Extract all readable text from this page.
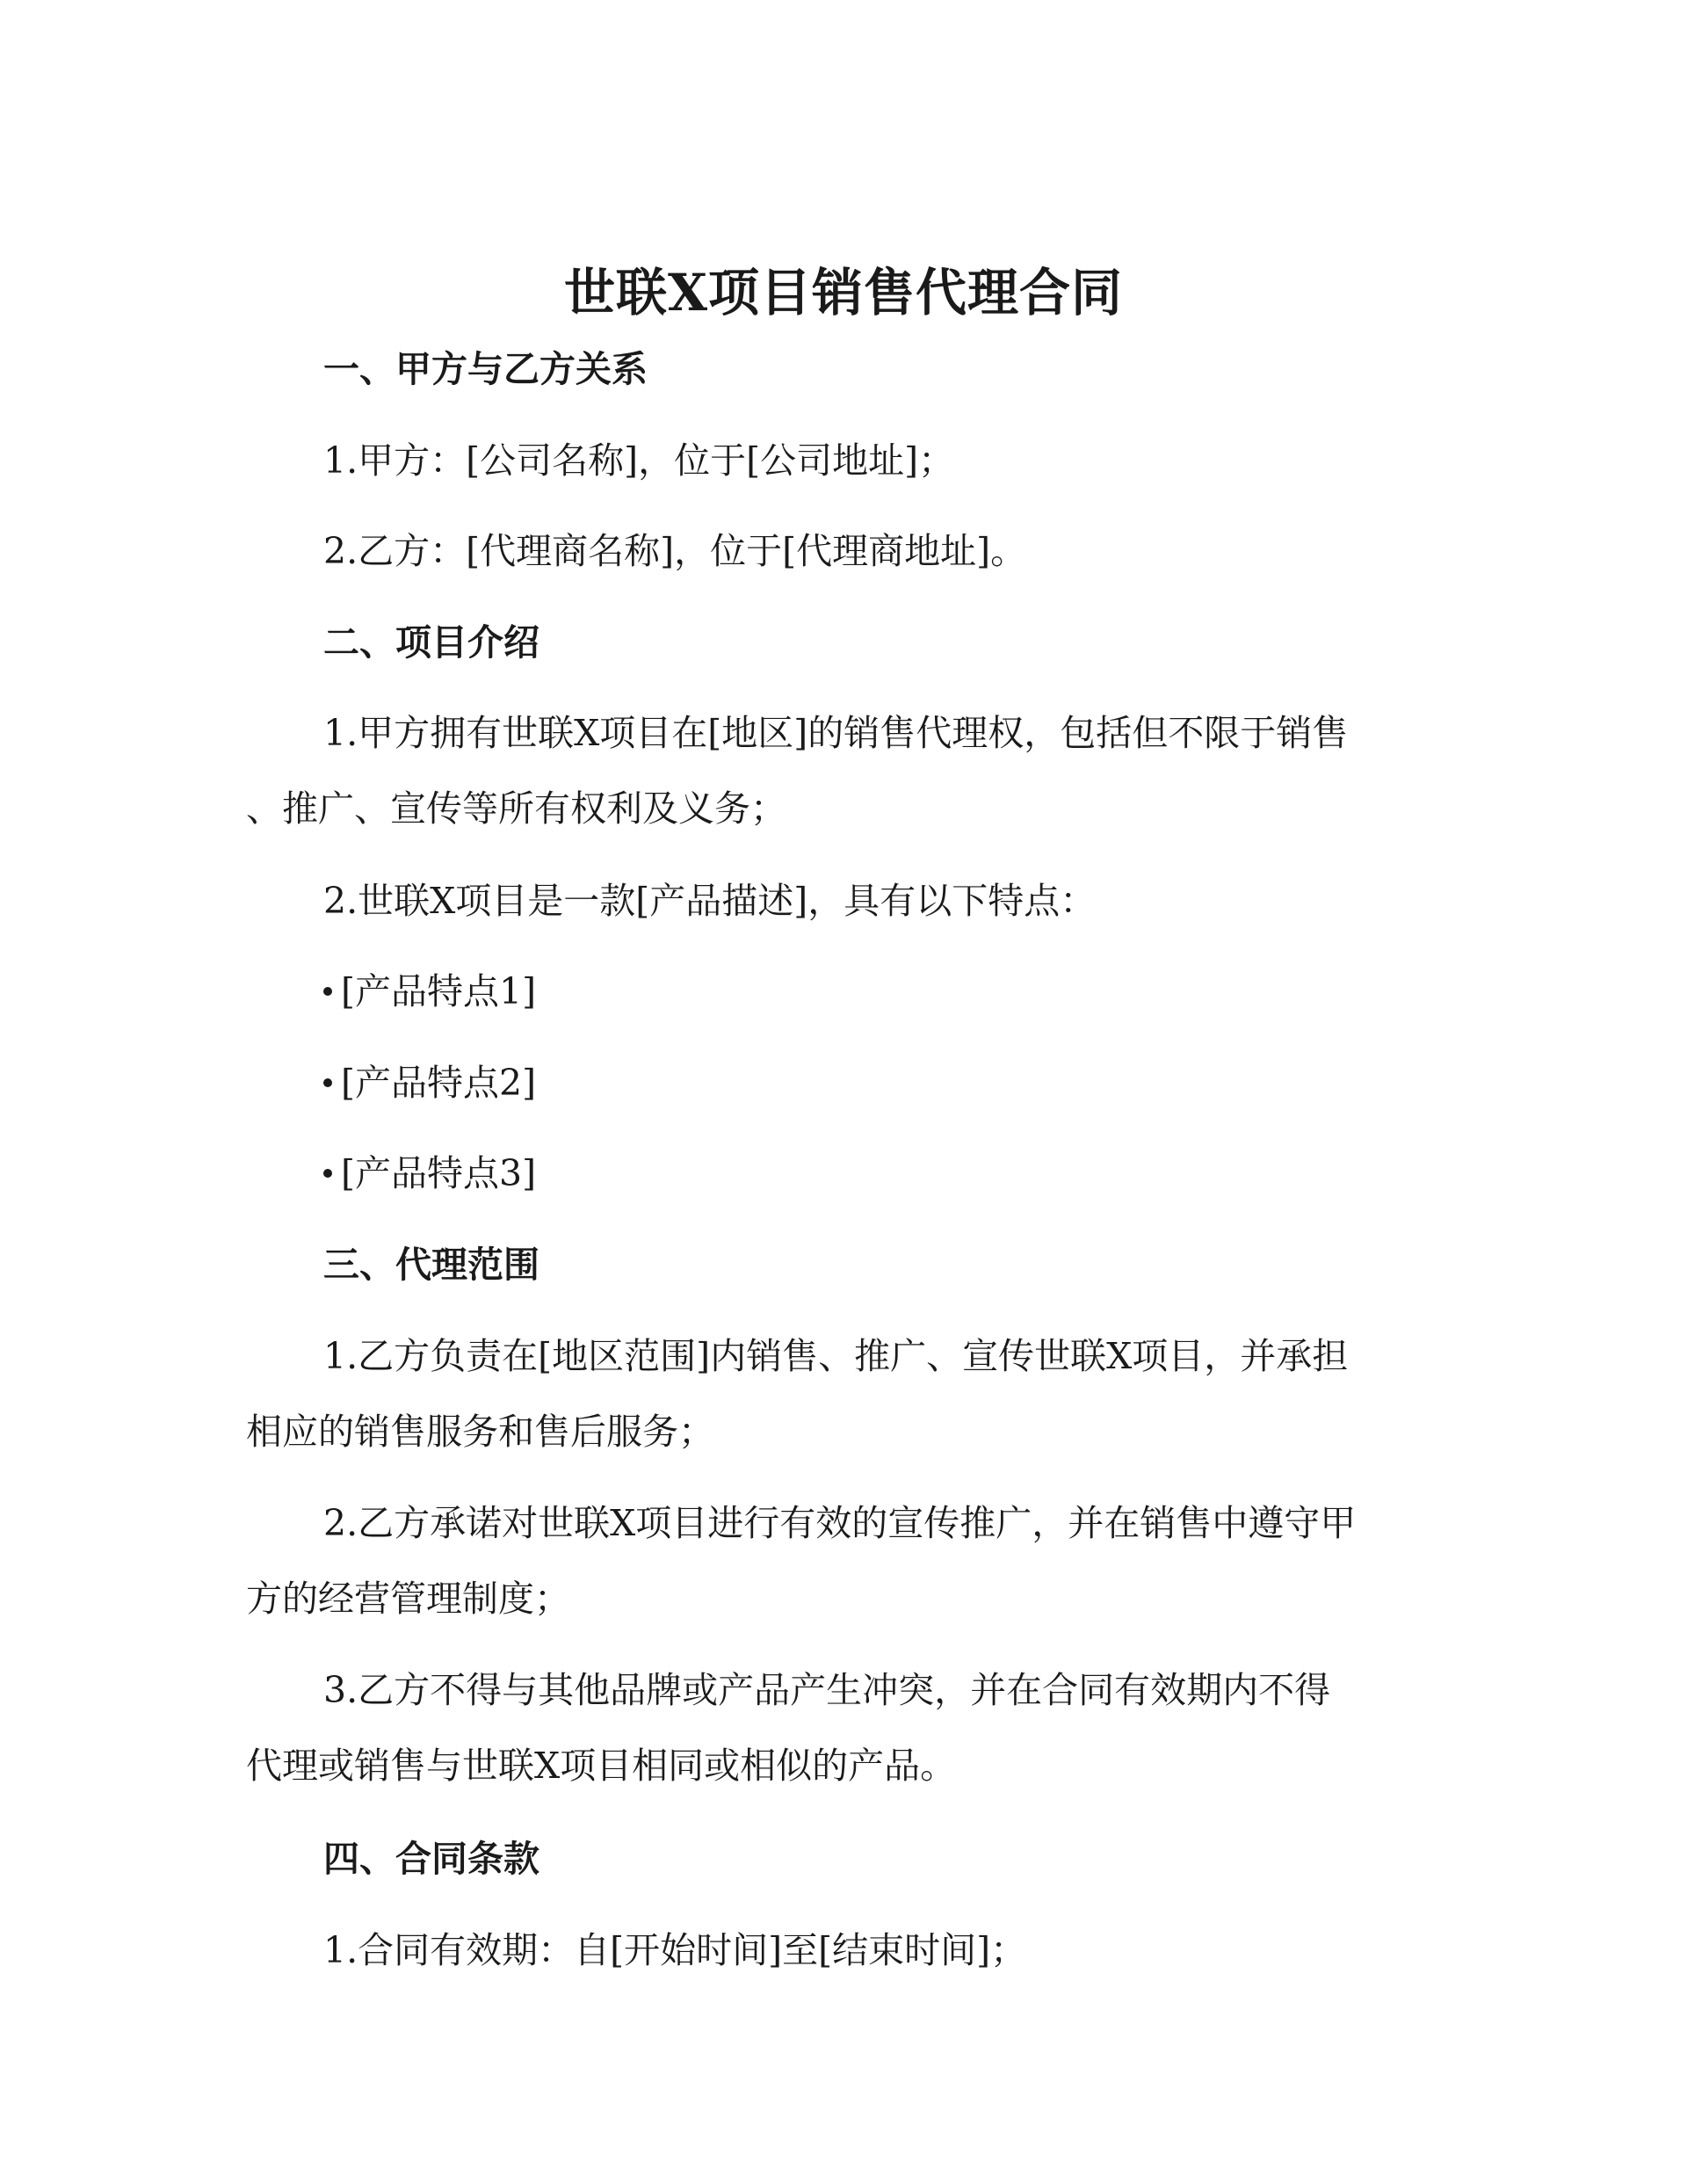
世联X项目销售代理合同

一、甲方与乙方关系

1.甲方：[公司名称]，位于[公司地址]；

2.乙方：[代理商名称]，位于[代理商地址]。

二、项目介绍

1.甲方拥有世联X项目在[地区]的销售代理权，包括但不限于销售

、推广、宣传等所有权利及义务；

2.世联X项目是一款[产品描述]，具有以下特点：

[产品特点1]

[产品特点2]

[产品特点3]

三、代理范围

1.乙方负责在[地区范围]内销售、推广、宣传世联X项目，并承担

相应的销售服务和售后服务；

2.乙方承诺对世联X项目进行有效的宣传推广，并在销售中遵守甲

方的经营管理制度；

3.乙方不得与其他品牌或产品产生冲突，并在合同有效期内不得

代理或销售与世联X项目相同或相似的产品。

四、合同条款

1.合同有效期：自[开始时间]至[结束时间]；
